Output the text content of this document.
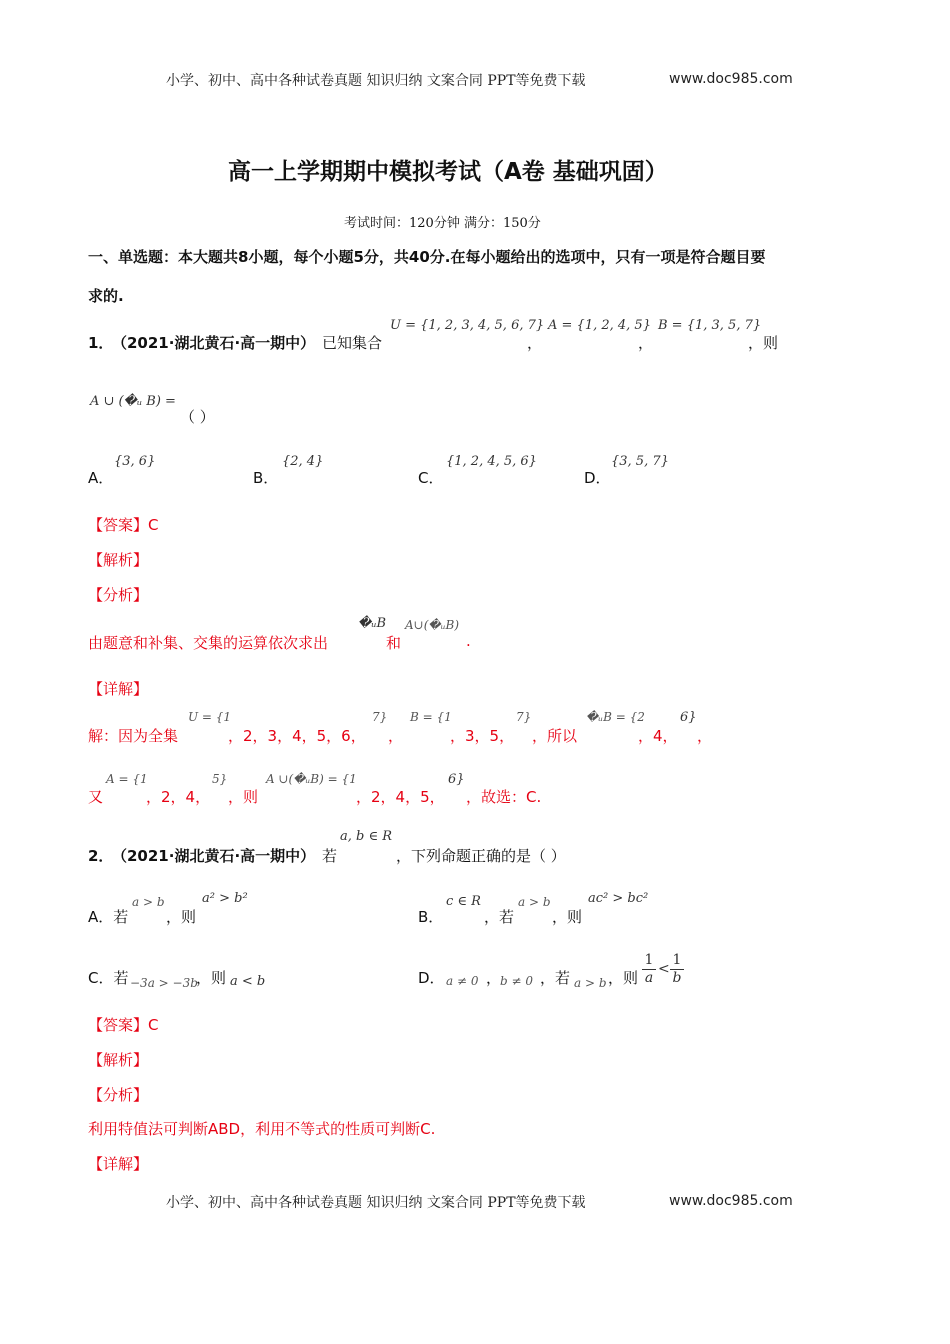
小学、初中、高中各种试卷真题 知识归纳 文案合同 PPT等免费下载	www.doc985.com
高一上学期期中模拟考试（A卷 基础巩固）
考试时间：120分钟 满分：150分
一、单选题：本大题共8小题，每个小题5分，共40分.在每小题给出的选项中，只有一项是符合题目要
求的.
1．
（2021·湖北黄石·高一期中） 已知集合
U = {1, 2, 3, 4, 5, 6, 7}
，
A = {1, 2, 4, 5}
，
B = {1, 3, 5, 7}
，则
A ∪ (�ᵤ B) =
（ ）
A．
{3, 6}
B．
{2, 4}
C．
{1, 2, 4, 5, 6}
D．
{3, 5, 7}
【答案】C
【解析】
【分析】
由题意和补集、交集的运算依次求出
�ᵤB
和
A∪(�ᵤB)
.
【详解】
解：因为全集
U = {1
，2，3，4，5，6，
7}
，
B = {1
，3，5，
7}
，所以
�ᵤB = {2
，4，
6}
，
又
A = {1
，2，4，
5}
，则
A ∪(�ᵤB) = {1
，2，4，5，
6}
，故选：C.
2．
（2021·湖北黄石·高一期中） 若
a, b ∈ R
，下列命题正确的是（ ）
A．若
a > b
，则
a² > b²
B．
c ∈ R
，若
a > b
，则
ac² > bc²
C．若 −3a > −3b
，则 a < b	D． a ≠ 0 ，
b ≠ 0 ，若 a > b ，则 $\frac{1}{a} < \frac{1}{b}$
【答案】C
【解析】
【分析】
利用特值法可判断ABD，利用不等式的性质可判断C.
【详解】
小学、初中、高中各种试卷真题 知识归纳 文案合同 PPT等免费下载	www.doc985.com
